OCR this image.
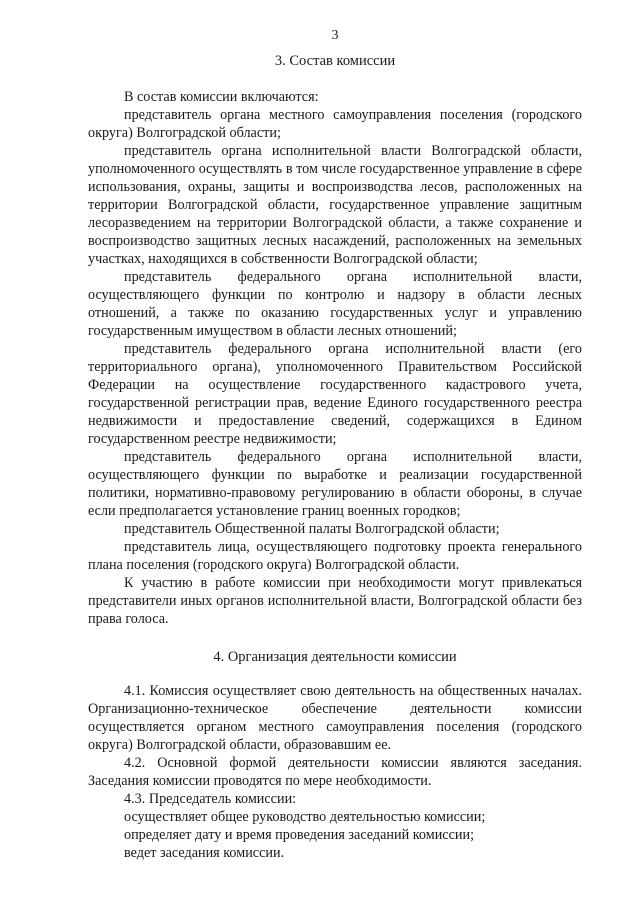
3
3. Состав комиссии

В состав комиссии включаются:

представитель органа местного самоуправления поселения (городского округа) Волгоградской области;

представитель органа исполнительной власти Волгоградской области, уполномоченного осуществлять в том числе государственное управление в сфере использования, охраны, защиты и воспроизводства лесов, расположенных на территории Волгоградской области, государственное управление защитным лесоразведением на территории Волгоградской области, а также сохранение и воспроизводство защитных лесных насаждений, расположенных на земельных участках, находящихся в собственности Волгоградской области;

представитель федерального органа исполнительной власти, осуществляющего функции по контролю и надзору в области лесных отношений, а также по оказанию государственных услуг и управлению государственным имуществом в области лесных отношений;

представитель федерального органа исполнительной власти (его территориального органа), уполномоченного Правительством Российской Федерации на осуществление государственного кадастрового учета, государственной регистрации прав, ведение Единого государственного реестра недвижимости и предоставление сведений, содержащихся в Едином государственном реестре недвижимости;

представитель федерального органа исполнительной власти, осуществляющего функции по выработке и реализации государственной политики, нормативно-правовому регулированию в области обороны, в случае если предполагается установление границ военных городков;

представитель Общественной палаты Волгоградской области;

представитель лица, осуществляющего подготовку проекта генерального плана поселения (городского округа) Волгоградской области.

К участию в работе комиссии при необходимости могут привлекаться представители иных органов исполнительной власти, Волгоградской области без права голоса.

4. Организация деятельности комиссии

4.1. Комиссия осуществляет свою деятельность на общественных началах. Организационно-техническое обеспечение деятельности комиссии осуществляется органом местного самоуправления поселения (городского округа) Волгоградской области, образовавшим ее.

4.2. Основной формой деятельности комиссии являются заседания. Заседания комиссии проводятся по мере необходимости.

4.3. Председатель комиссии:

осуществляет общее руководство деятельностью комиссии;

определяет дату и время проведения заседаний комиссии;

ведет заседания комиссии.
